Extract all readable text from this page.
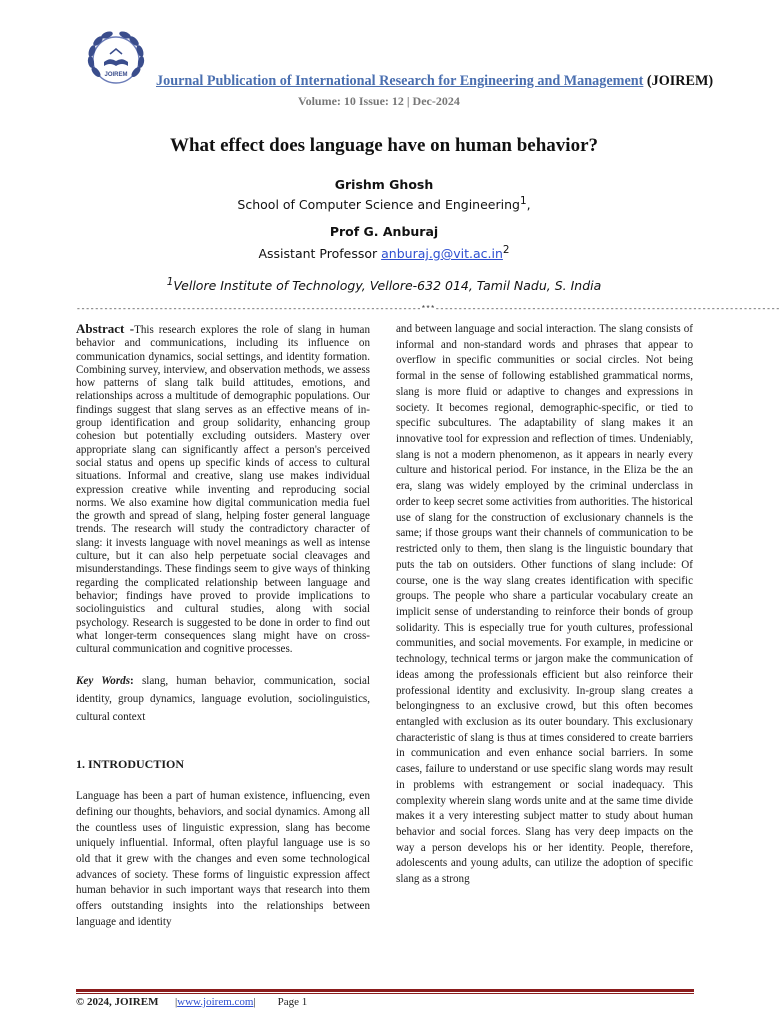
JOIREM Journal Publication of International Research for Engineering and Management (JOIREM)
Volume: 10 Issue: 12 | Dec-2024
What effect does language have on human behavior?
Grishm Ghosh
School of Computer Science and Engineering$^1$,
Prof G. Anburaj
Assistant Professor $anburaj.g@vit.ac.in^2$
$^1$Vellore Institute of Technology, Vellore-632 014, Tamil Nadu, S. India
---------------------------------------------------------------------------***---------------------------------------------------------------------------
Abstract -This research explores the role of slang in human behavior and communications, including its influence on communication dynamics, social settings, and identity formation. Combining survey, interview, and observation methods, we assess how patterns of slang talk build attitudes, emotions, and relationships across a multitude of demographic populations. Our findings suggest that slang serves as an effective means of in-group identification and group solidarity, enhancing group cohesion but potentially excluding outsiders. Mastery over appropriate slang can significantly affect a person's perceived social status and opens up specific kinds of access to cultural situations. Informal and creative, slang use makes individual expression creative while inventing and reproducing social norms. We also examine how digital communication media fuel the growth and spread of slang, helping foster general language trends. The research will study the contradictory character of slang: it invests language with novel meanings as well as intense culture, but it can also help perpetuate social cleavages and misunderstandings. These findings seem to give ways of thinking regarding the complicated relationship between language and behavior; findings have proved to provide implications to sociolinguistics and cultural studies, along with social psychology. Research is suggested to be done in order to find out what longer-term consequences slang might have on cross-cultural communication and cognitive processes.
Key Words: slang, human behavior, communication, social identity, group dynamics, language evolution, sociolinguistics, cultural context
1. INTRODUCTION
Language has been a part of human existence, influencing, even defining our thoughts, behaviors, and social dynamics. Among all the countless uses of linguistic expression, slang has become uniquely influential. Informal, often playful language use is so old that it grew with the changes and even some technological advances of society. These forms of linguistic expression affect human behavior in such important ways that research into them offers outstanding insights into the relationships between language and identity
and between language and social interaction. The slang consists of informal and non-standard words and phrases that appear to overflow in specific communities or social circles. Not being formal in the sense of following established grammatical norms, slang is more fluid or adaptive to changes and expressions in society. It becomes regional, demographic-specific, or tied to specific subcultures. The adaptability of slang makes it an innovative tool for expression and reflection of times. Undeniably, slang is not a modern phenomenon, as it appears in nearly every culture and historical period. For instance, in the Eliza be the an era, slang was widely employed by the criminal underclass in order to keep secret some activities from authorities. The historical use of slang for the construction of exclusionary channels is the same; if those groups want their channels of communication to be restricted only to them, then slang is the linguistic boundary that puts the tab on outsiders. Other functions of slang include: Of course, one is the way slang creates identification with specific groups. The people who share a particular vocabulary create an implicit sense of understanding to reinforce their bonds of group solidarity. This is especially true for youth cultures, professional communities, and social movements. For example, in medicine or technology, technical terms or jargon make the communication of ideas among the professionals efficient but also reinforce their professional identity and exclusivity. In-group slang creates a belongingness to an exclusive crowd, but this often becomes entangled with exclusion as its outer boundary. This exclusionary characteristic of slang is thus at times considered to create barriers in communication and even enhance social barriers. In some cases, failure to understand or use specific slang words may result in problems with estrangement or social inadequacy. This complexity wherein slang words unite and at the same time divide makes it a very interesting subject matter to study about human behavior and social forces. Slang has very deep impacts on the way a person develops his or her identity. People, therefore, adolescents and young adults, can utilize the adoption of specific slang as a strong
© 2024, JOIREM |www.joirem.com| Page 1
